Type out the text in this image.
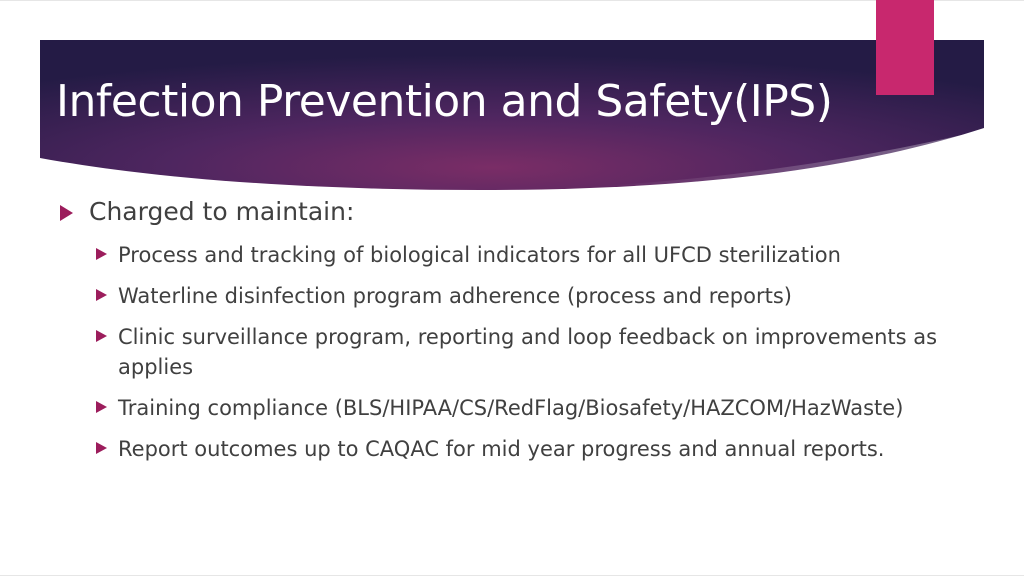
Infection Prevention and Safety(IPS)
Charged to maintain:
Process and tracking of biological indicators for all UFCD sterilization
Waterline disinfection program adherence (process and reports)
Clinic surveillance program, reporting and loop feedback on improvements as applies
Training compliance (BLS/HIPAA/CS/RedFlag/Biosafety/HAZCOM/HazWaste)
Report outcomes up to CAQAC for mid year progress and annual reports.
